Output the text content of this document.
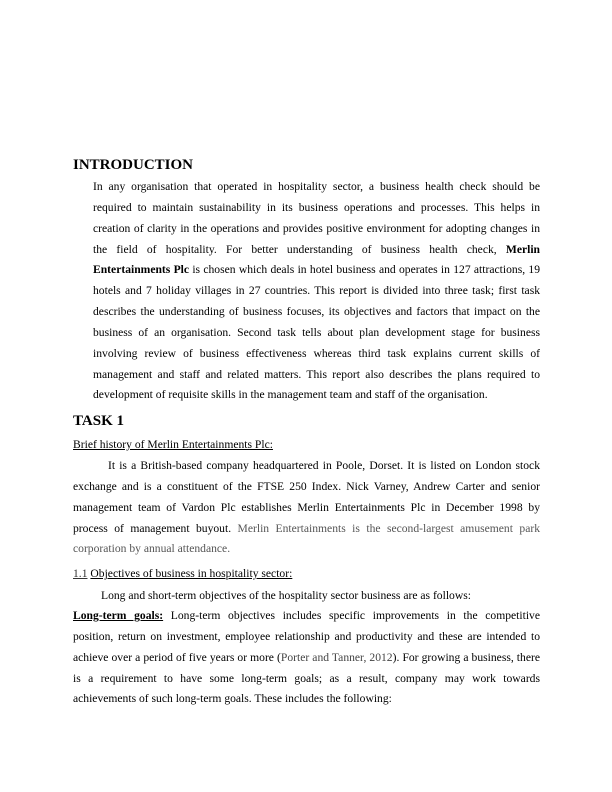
INTRODUCTION

In any organisation that operated in hospitality sector, a business health check should be required to maintain sustainability in its business operations and processes. This helps in creation of clarity in the operations and provides positive environment for adopting changes in the field of hospitality. For better understanding of business health check, Merlin Entertainments Plc is chosen which deals in hotel business and operates in 127 attractions, 19 hotels and 7 holiday villages in 27 countries. This report is divided into three task; first task describes the understanding of business focuses, its objectives and factors that impact on the business of an organisation. Second task tells about plan development stage for business involving review of business effectiveness whereas third task explains current skills of management and staff and related matters. This report also describes the plans required to development of requisite skills in the management team and staff of the organisation.

TASK 1

Brief history of Merlin Entertainments Plc:

It is a British-based company headquartered in Poole, Dorset. It is listed on London stock exchange and is a constituent of the FTSE 250 Index. Nick Varney, Andrew Carter and senior management team of Vardon Plc establishes Merlin Entertainments Plc in December 1998 by process of management buyout. Merlin Entertainments is the second-largest amusement park corporation by annual attendance.

1.1 Objectives of business in hospitality sector:

Long and short-term objectives of the hospitality sector business are as follows:

Long-term goals: Long-term objectives includes specific improvements in the competitive position, return on investment, employee relationship and productivity and these are intended to achieve over a period of five years or more (Porter and Tanner, 2012). For growing a business, there is a requirement to have some long-term goals; as a result, company may work towards achievements of such long-term goals. These includes the following:
